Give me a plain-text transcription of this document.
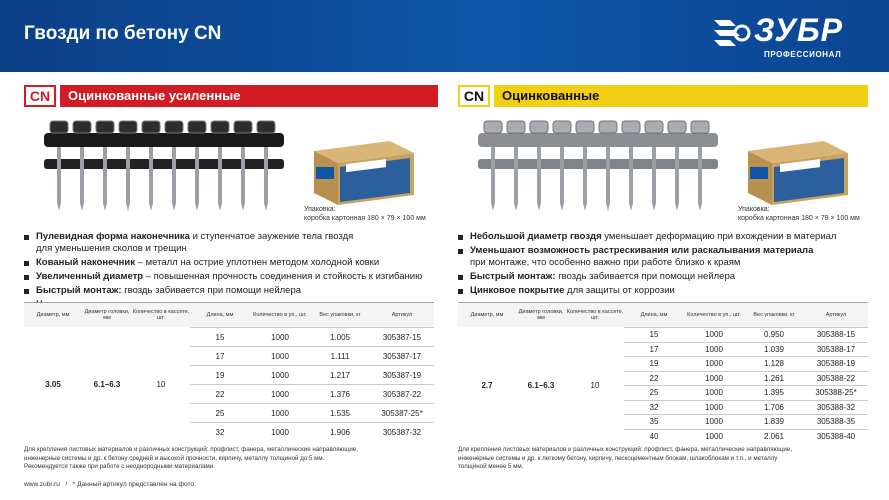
Гвозди по бетону CN	ЗУБР
ПРОФЕССИОНАЛ
CN	Оцинкованные усиленные
Упаковка:
коробка картонная 180 × 79 × 100 мм
Пулевидная форма наконечника и ступенчатое заужение тела гвоздя
для уменьшения сколов и трещин
Кованый наконечник – металл на острие уплотнен методом холодной ковки
Увеличенный диаметр – повышенная прочность соединения и стойкость к изгибанию
Быстрый монтаж: гвоздь забивается при помощи нейлера
CN	Оцинкованные
Упаковка:
коробка картонная 180 × 79 × 100 мм
Небольшой диаметр гвоздя уменьшает деформацию при вхождении в материал
Уменьшают возможность растрескивания или раскалывания материала
при монтаже, что особенно важно при работе близко к краям
Быстрый монтаж: гвоздь забивается при помощи нейлера
Цинковое покрытие для защиты от коррозии
Диаметр, мм
Диаметр головки, мм
Количество в кассете, шт.
Длина, мм	Количество в уп., шт.	Вес упаковки, кг	Артикул
3.05	6.1–6.3	10
15	1000	1.005	305387-15
17	1000	1.111	305387-17
19	1000	1.217	305387-19
22	1000	1.376	305387-22
25	1000	1.535	305387-25*
32	1000	1.906	305387-32
Для крепления листовых материалов и различных конструкций: профлист, фанера, металлические направляющие,
инженерные системы и др. к бетону средней и высокой прочности, кирпичу, металлу толщиной до 5 мм.
Рекомендуется также при работе с неоднородными материалами.
Диаметр, мм
Диаметр головки, мм
Количество в кассете, шт.
Длина, мм	Количество в уп., шт.	Вес упаковки, кг	Артикул
2.7	6.1–6.3	10
15	1000	0.950	305388-15
17	1000	1.039	305388-17
19	1000	1.128	305388-19
22	1000	1.261	305388-22
25	1000	1.395	305388-25*
32	1000	1.706	305388-32
35	1000	1.839	305388-35
40	1000	2.061	305388-40
Для крепления листовых материалов и различных конструкций: профлист, фанера, металлические направляющие,
инженерные системы и др. к легкому бетону, кирпичу, пескоцементным блокам, шлакоблокам и т.п., и металлу
толщиной менее 5 мм.
www.zubr.ru / * Данный артикул представлен на фото.
